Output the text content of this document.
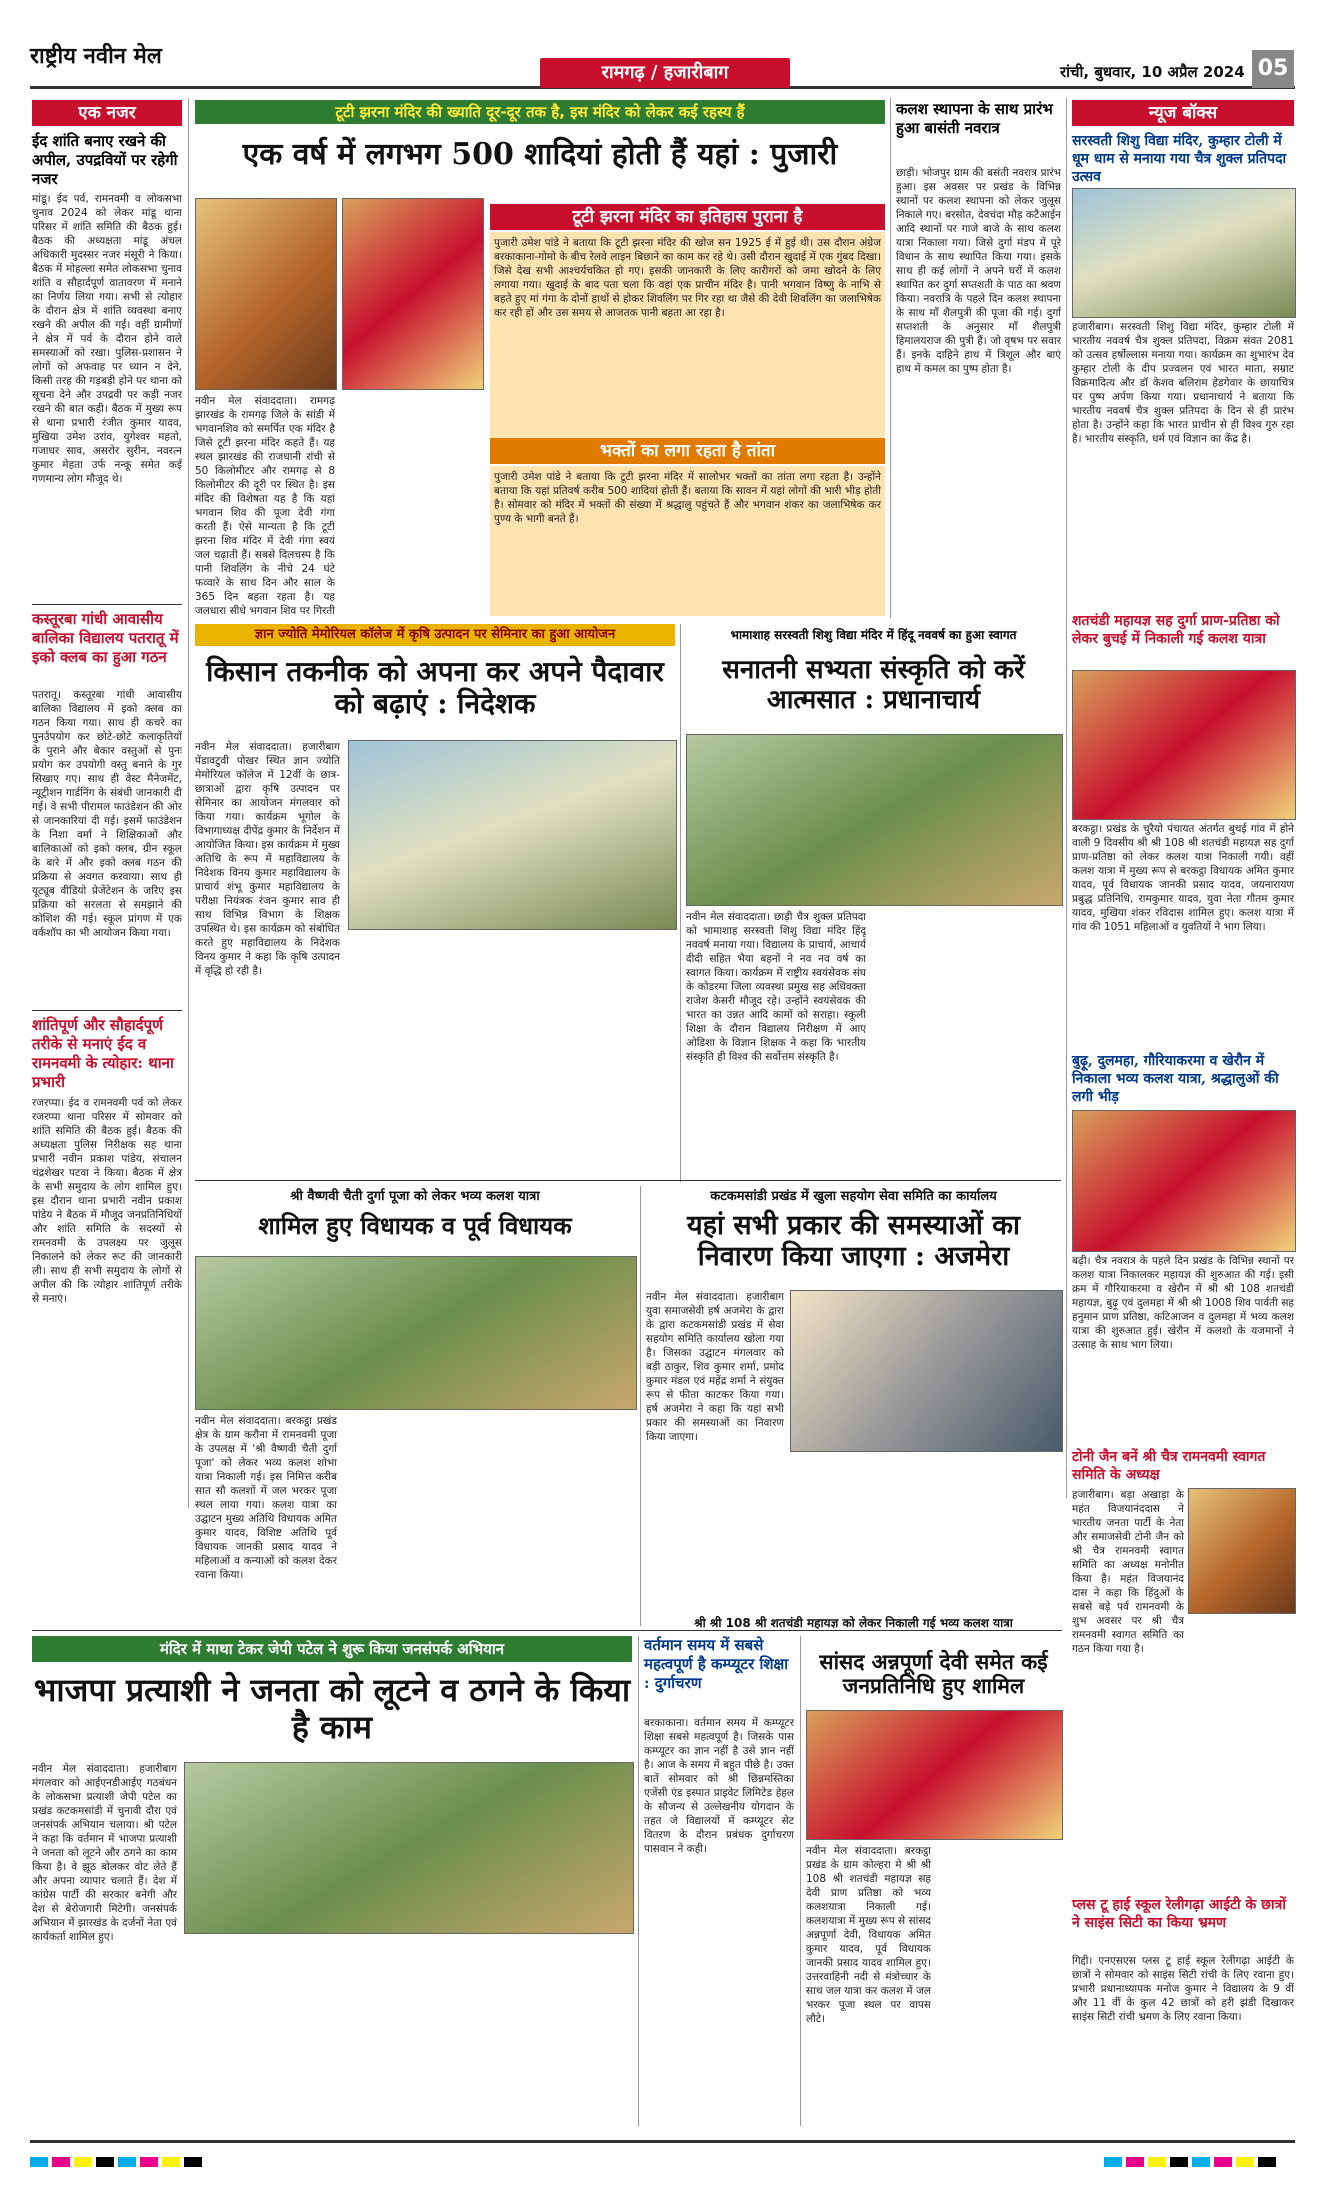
राष्ट्रीय नवीन मेल
रामगढ़ / हजारीबाग	रांची, बुधवार, 10 अप्रैल 2024 05
एक नजर
ईद शांति बनाए रखने की अपील, उपद्रवियों पर रहेगी नजर
मांडू। ईद पर्व, रामनवमी व लोकसभा चुनाव 2024 को लेकर मांडू थाना परिसर में शांति समिति की बैठक हुई। बैठक की अध्यक्षता मांडू अंचल अधिकारी मुदस्सर नजर मंसूरी ने किया। बैठक में मोहल्ला समेत लोकसभा चुनाव शांति व सौहार्दपूर्ण वातावरण में मनाने का निर्णय लिया गया। सभी से त्योहार के दौरान क्षेत्र में शांति व्यवस्था बनाए रखने की अपील की गई। वहीं ग्रामीणों ने क्षेत्र में पर्व के दौरान होने वाले समस्याओं को रखा। पुलिस-प्रशासन ने लोगों को अफवाह पर ध्यान न देने, किसी तरह की गड़बड़ी होने पर थाना को सूचना देने और उपद्रवी पर कड़ी नजर रखने की बात कही। बैठक में मुख्य रूप से थाना प्रभारी रंजीत कुमार यादव, मुखिया उमेश उरांव, युगेश्वर महतो, गजाधर साव, असरोर सुरीन, नवरत्न कुमार मेहता उर्फ नन्कू समेत कई गणमान्य लोग मौजूद थे।
कस्तूरबा गांधी आवासीय बालिका विद्यालय पतरातू में इको क्लब का हुआ गठन
पतरातू। कस्तूरबा गांधी आवासीय बालिका विद्यालय में इको क्लब का गठन किया गया। साथ ही कचरे का पुनर्उपयोग कर छोटे-छोटे कलाकृतियों के पुराने और बेकार वस्तुओं से पुनः प्रयोग कर उपयोगी वस्तु बनाने के गुर सिखाए गए। साथ ही वेस्ट मैनेजमेंट, न्यूट्रीशन गार्डनिंग के संबंधी जानकारी दी गई। वे सभी पीरामल फाउंडेशन की ओर से जानकारियां दी गई। इसमें फाउंडेशन के निशा वर्मा ने शिक्षिकाओं और बालिकाओं को इको क्लब, ग्रीन स्कूल के बारे में और इको क्लब गठन की प्रक्रिया से अवगत करवाया। साथ ही यूट्यूब वीडियो प्रेजेंटेशन के जरिए इस प्रक्रिया को सरलता से समझाने की कोशिश की गई। स्कूल प्रांगण में एक वर्कशॉप का भी आयोजन किया गया।
शांतिपूर्ण और सौहार्दपूर्ण तरीके से मनाएं ईद व रामनवमी के त्योहार: थाना प्रभारी
रजरप्पा। ईद व रामनवमी पर्व को लेकर रजरप्पा थाना परिसर में सोमवार को शांति समिति की बैठक हुई। बैठक की अध्यक्षता पुलिस निरीक्षक सह थाना प्रभारी नवीन प्रकाश पांडेय, संचालन चंद्रशेखर पटवा ने किया। बैठक में क्षेत्र के सभी समुदाय के लोग शामिल हुए। इस दौरान थाना प्रभारी नवीन प्रकाश पांडेय ने बैठक में मौजूद जनप्रतिनिधियों और शांति समिति के सदस्यों से रामनवमी के उपलक्ष्य पर जुलूस निकालने को लेकर रूट की जानकारी ली। साथ ही सभी समुदाय के लोगों से अपील की कि त्योहार शांतिपूर्ण तरीके से मनाएं।
टूटी झरना मंदिर की ख्याति दूर-दूर तक है, इस मंदिर को लेकर कई रहस्य हैं
एक वर्ष में लगभग 500 शादियां होती हैं यहां : पुजारी
नवीन मेल संवाददाता। रामगढ़ झारखंड के रामगढ़ जिले के सांडी में भगवानशिव को समर्पित एक मंदिर है जिसे टूटी झरना मंदिर कहते हैं। यह स्थल झारखंड की राजधानी रांची से 50 किलोमीटर और रामगढ़ से 8 किलोमीटर की दूरी पर स्थित है। इस मंदिर की विशेषता यह है कि यहां भगवान शिव की पूजा देवी गंगा करती हैं। ऐसे मान्यता है कि टूटी झरना शिव मंदिर में देवी गंगा स्वयं जल चढ़ाती हैं। सबसे दिलचस्प है कि पानी शिवलिंग के नीचे 24 घंटे फव्वारे के साथ दिन और साल के 365 दिन बहता रहता है। यह जलधारा सीधे भगवान शिव पर गिरती
टूटी झरना मंदिर का इतिहास पुराना है
पुजारी उमेश पांडे ने बताया कि टूटी झरना मंदिर की खोज सन 1925 ई में हुई थी। उस दौरान अंग्रेज बरकाकाना-गोमो के बीच रेलवे लाइन बिछाने का काम कर रहे थे। उसी दौरान खुदाई में एक गुंबद दिखा। जिसे देख सभी आश्चर्यचकित हो गए। इसकी जानकारी के लिए कारीगरों को जमा खोदने के लिए लगाया गया। खुदाई के बाद पता चला कि वहां एक प्राचीन मंदिर है। पानी भगवान विष्णु के नाभि से बहते हुए मां गंगा के दोनों हाथों से होकर शिवलिंग पर गिर रहा था जैसे की देवी शिवलिंग का जलाभिषेक कर रही हों और उस समय से आजतक पानी बहता आ रहा है।
भक्तों का लगा रहता है तांता
पुजारी उमेश पांडे ने बताया कि टूटी झरना मंदिर में सालोभर भक्तों का तांता लगा रहता है। उन्होंने बताया कि यहां प्रतिवर्ष करीब 500 शादियां होती हैं। बताया कि सावन में यहां लोगों की भारी भीड़ होती है। सोमवार को मंदिर में भक्तों की संख्या में श्रद्धालु पहुंचते हैं और भगवान शंकर का जलाभिषेक कर पुण्य के भागी बनते हैं।
कलश स्थापना के साथ प्रारंभ हुआ बासंती नवरात्र
छाड़ी। भोजपुर ग्राम की बसंती नवरात्र प्रारंभ हुआ। इस अवसर पर प्रखंड के विभिन्न स्थानों पर कलश स्थापना को लेकर जुलूस निकाले गए। बरसोत, देवचंदा मौड़ कटैआईन आदि स्थानों पर गाजे बाजे के साथ कलश यात्रा निकाला गया। जिसे दुर्गा मंडप में पूरे विधान के साथ स्थापित किया गया। इसके साथ ही कई लोगों ने अपने घरों में कलश स्थापित कर दुर्गा सप्तशती के पाठ का श्रवण किया। नवरात्रि के पहले दिन कलश स्थापना के साथ माँ शैलपुत्री की पूजा की गई। दुर्गा सप्तशती के अनुसार माँ शैलपुत्री हिमालयराज की पुत्री हैं। जो वृषभ पर सवार हैं। इनके दाहिने हाथ में त्रिशूल और बाएं हाथ में कमल का पुष्प होता है।
न्यूज बॉक्स
सरस्वती शिशु विद्या मंदिर, कुम्हार टोली में धूम धाम से मनाया गया चैत्र शुक्ल प्रतिपदा उत्सव
हजारीबाग। सरस्वती शिशु विद्या मंदिर, कुम्हार टोली में भारतीय नववर्ष चैत्र शुक्ल प्रतिपदा, विक्रम संवत 2081 को उत्सव हर्षोल्लास मनाया गया। कार्यक्रम का शुभारंभ देव कुम्हार टोली के दीप प्रज्वलन एवं भारत माता, सम्राट विक्रमादित्य और डॉ केशव बलिराम हेडगेवार के छायाचित्र पर पुष्प अर्पण किया गया। प्रधानाचार्य ने बताया कि भारतीय नववर्ष चैत्र शुक्ल प्रतिपदा के दिन से ही प्रारंभ होता है। उन्होंने कहा कि भारत प्राचीन से ही विश्व गुरु रहा है। भारतीय संस्कृति, धर्म एवं विज्ञान का केंद्र है।
शतचंडी महायज्ञ सह दुर्गा प्राण-प्रतिष्ठा को लेकर बुचई में निकाली गई कलश यात्रा
बरकट्ठा। प्रखंड के चुरैयो पंचायत अंतर्गत बुचई गांव में होने वाली 9 दिवसीय श्री श्री 108 श्री शतचंडी महायज्ञ सह दुर्गा प्राण-प्रतिष्ठा को लेकर कलश यात्रा निकाली गयी। वहीं कलश यात्रा में मुख्य रूप से बरकट्ठा विधायक अमित कुमार यादव, पूर्व विधायक जानकी प्रसाद यादव, जयनारायण प्रबुद्ध प्रतिनिधि, रामकुमार यादव, युवा नेता गौतम कुमार यादव, मुखिया शंकर रविदास शामिल हुए। कलश यात्रा में गांव की 1051 महिलाओं व युवतियों ने भाग लिया।
बुढ़ू, दुलमहा, गौरियाकरमा व खेरौन में निकाला भव्य कलश यात्रा, श्रद्धालुओं की लगी भीड़
बढ़ी। चैत्र नवरात्र के पहले दिन प्रखंड के विभिन्न स्थानों पर कलश यात्रा निकालकर महायज्ञ की शुरुआत की गई। इसी क्रम में गौरियाकरमा व खेरौन में श्री श्री 108 शतचंडी महायज्ञ, बुढ़ू एवं दुलमहा में श्री श्री 1008 शिव पार्वती सह हनुमान प्राण प्रतिष्ठा, कटिआजन व दुलमहा में भव्य कलश यात्रा की शुरुआत हुई। खेरौन में कलशो के यजमानों ने उत्साह के साथ भाग लिया।
टोनी जैन बनें श्री चैत्र रामनवमी स्वागत समिति के अध्यक्ष
हजारीबाग। बड़ा अखाड़ा के महंत विजयानंददास ने भारतीय जनता पार्टी के नेता और समाजसेवी टोनी जैन को श्री चैत्र रामनवमी स्वागत समिति का अध्यक्ष मनोनीत किया है। महंत विजयानंद दास ने कहा कि हिंदुओं के सबसे बड़े पर्व रामनवमी के शुभ अवसर पर श्री चैत्र रामनवमी स्वागत समिति का गठन किया गया है।
प्लस टू हाई स्कूल रेलीगढ़ा आईटी के छात्रों ने साइंस सिटी का किया भ्रमण
गिद्दी। एनएसएस प्लस टू हाई स्कूल रेलीगढ़ा आईटी के छात्रों ने सोमवार को साइंस सिटी रांची के लिए रवाना हुए। प्रभारी प्रधानाध्यापक मनोज कुमार ने विद्यालय के 9 वीं और 11 वीं के कुल 42 छात्रों को हरी झंडी दिखाकर साइंस सिटी रांची भ्रमण के लिए रवाना किया।
ज्ञान ज्योति मेमोरियल कॉलेज में कृषि उत्पादन पर सेमिनार का हुआ आयोजन
किसान तकनीक को अपना कर अपने पैदावार को बढ़ाएं : निदेशक
नवीन मेल संवाददाता। हजारीबाग पेंडावटुवी पोखर स्थित ज्ञान ज्योति मेमोरियल कॉलेज में 12वीं के छात्र-छात्राओं द्वारा कृषि उत्पादन पर सेमिनार का आयोजन मंगलवार को किया गया। कार्यक्रम भूगोल के विभागाध्यक्ष दीपेंद्र कुमार के निर्देशन में आयोजित किया। इस कार्यक्रम में मुख्य अतिथि के रूप में महाविद्यालय के निदेशक विनय कुमार महाविद्यालय के प्राचार्य शंभू कुमार महाविद्यालय के परीक्षा नियंत्रक रंजन कुमार साव ही साथ विभिन्न विभाग के शिक्षक उपस्थित थे। इस कार्यक्रम को संबोधित करते हुए महाविद्यालय के निदेशक विनय कुमार ने कहा कि कृषि उत्पादन में वृद्धि हो रही है।
भामाशाह सरस्वती शिशु विद्या मंदिर में हिंदू नववर्ष का हुआ स्वागत
सनातनी सभ्यता संस्कृति को करें आत्मसात : प्रधानाचार्य
नवीन मेल संवाददाता। छाड़ी चैत्र शुक्ल प्रतिपदा को भामाशाह सरस्वती शिशु विद्या मंदिर हिंदू नववर्ष मनाया गया। विद्यालय के प्राचार्य, आचार्य दीदी सहित भैया बहनों ने नव नव वर्ष का स्वागत किया। कार्यक्रम में राष्ट्रीय स्वयंसेवक संघ के कोडरमा जिला व्यवस्था प्रमुख सह अधिवक्ता राजेश केसरी मौजूद रहे। उन्होंने स्वयंसेवक की भारत का उन्नत आदि कामों को सराहा। स्कूली शिक्षा के दौरान विद्यालय निरीक्षण में आए ओडिशा के विज्ञान शिक्षक ने कहा कि भारतीय संस्कृति ही विश्व की सर्वोत्तम संस्कृति है।
श्री वैष्णवी चैती दुर्गा पूजा को लेकर भव्य कलश यात्रा
शामिल हुए विधायक व पूर्व विधायक
नवीन मेल संवाददाता। बरकट्ठा प्रखंड क्षेत्र के ग्राम करौना में रामनवमी पूजा के उपलक्ष में 'श्री वैष्णवी चैती दुर्गा पूजा' को लेकर भव्य कलश शोभा यात्रा निकाली गई। इस निमित्त करीब सात सौ कलशों में जल भरकर पूजा स्थल लाया गया। कलश यात्रा का उद्घाटन मुख्य अतिथि विधायक अमित कुमार यादव, विशिष्ट अतिथि पूर्व विधायक जानकी प्रसाद यादव ने महिलाओं व कन्याओं को कलश देकर रवाना किया।
कटकमसांडी प्रखंड में खुला सहयोग सेवा समिति का कार्यालय
यहां सभी प्रकार की समस्याओं का निवारण किया जाएगा : अजमेरा
नवीन मेल संवाददाता। हजारीबाग युवा समाजसेवी हर्ष अजमेरा के द्वारा के द्वारा कटकमसांडी प्रखंड में सेवा सहयोग समिति कार्यालय खोला गया है। जिसका उद्घाटन मंगलवार को बड़ी ठाकुर, शिव कुमार शर्मा, प्रमोद कुमार मंडल एवं महेंद्र शर्मा ने संयुक्त रूप से फीता काटकर किया गया। हर्ष अजमेरा ने कहा कि यहां सभी प्रकार की समस्याओं का निवारण किया जाएगा।
श्री श्री 108 श्री शतचंडी महायज्ञ को लेकर निकाली गई भव्य कलश यात्रा
मंदिर में माथा टेकर जेपी पटेल ने शुरू किया जनसंपर्क अभियान
भाजपा प्रत्याशी ने जनता को लूटने व ठगने के किया है काम
नवीन मेल संवाददाता। हजारीबाग मंगलवार को आईएनडीआईए गठबंधन के लोकसभा प्रत्याशी जेपी पटेल का प्रखंड कटकमसांडी में चुनावी दौरा एवं जनसंपर्क अभियान चलाया। श्री पटेल ने कहा कि वर्तमान में भाजपा प्रत्याशी ने जनता को लूटने और ठगने का काम किया है। वे झूठ बोलकर वोट लेते हैं और अपना व्यापार चलाते हैं। देश में कांग्रेस पार्टी की सरकार बनेगी और देश से बेरोजगारी मिटेगी। जनसंपर्क अभियान में झारखंड के दर्जनों नेता एवं कार्यकर्ता शामिल हुए।
वर्तमान समय में सबसे महत्वपूर्ण है कम्प्यूटर शिक्षा : दुर्गाचरण
बरकाकाना। वर्तमान समय में कम्प्यूटर शिक्षा सबसे महत्वपूर्ण है। जिसके पास कम्प्यूटर का ज्ञान नहीं है उसे ज्ञान नहीं है। आज के समय में बहुत पीछे है। उक्त बातें सोमवार को श्री छिन्नमस्तिका एजेंसी एंड इस्पात प्राइवेट लिमिटेड हेहल के सौजन्य से उल्लेखनीय योगदान के तहत जे विद्यालयों में कम्प्यूटर सेट वितरण के दौरान प्रबंधक दुर्गाचरण पासवान ने कही।
सांसद अन्नपूर्णा देवी समेत कई जनप्रतिनिधि हुए शामिल
नवीन मेल संवाददाता। बरकट्ठा प्रखंड के ग्राम कोल्हरा मे श्री श्री 108 श्री शतचंडी महायज्ञ सह देवी प्राण प्रतिष्ठा को भव्य कलशयात्रा निकाली गई। कलशयात्रा में मुख्य रूप से सांसद अन्नपूर्णा देवी, विधायक अमित कुमार यादव, पूर्व विधायक जानकी प्रसाद यादव शामिल हुए। उत्तरवाहिनी नदी से मंत्रोच्चार के साथ जल यात्रा कर कलश में जल भरकर पूजा स्थल पर वापस लौटे।
